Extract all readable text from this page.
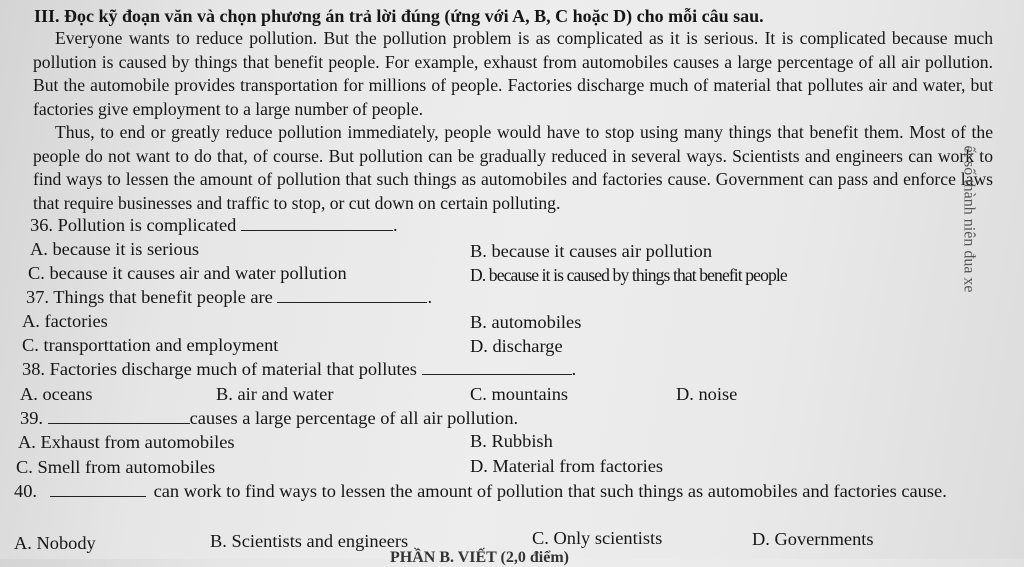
III. Đọc kỹ đoạn văn và chọn phương án trả lời đúng (ứng với A, B, C hoặc D) cho mỗi câu sau.

Everyone wants to reduce pollution. But the pollution problem is as complicated as it is serious. It is complicated because much pollution is caused by things that benefit people. For example, exhaust from automobiles causes a large percentage of all air pollution. But the automobile provides transportation for millions of people. Factories discharge much of material that pollutes air and water, but factories give employment to a large number of people.

Thus, to end or greatly reduce pollution immediately, people would have to stop using many things that benefit them. Most of the people do not want to do that, of course. But pollution can be gradually reduced in several ways. Scientists and engineers can work to find ways to lessen the amount of pollution that such things as automobiles and factories cause. Government can pass and enforce laws that require businesses and traffic to stop, or cut down on certain polluting.

36. Pollution is complicated	.
A. because it is serious	B. because it causes air pollution
C. because it causes air and water pollution	D. because it is caused by things that benefit people
37. Things that benefit people are	.
A. factories	B. automobiles
C. transporttation and employment	D. discharge
38. Factories discharge much of material that pollutes	.
A. oceans	B. air and water	C. mountains	D. noise
39.	causes a large percentage of all air pollution.
A. Exhaust from automobiles	B. Rubbish
C. Smell from automobiles	D. Material from factories
40.	can work to find ways to lessen the amount of pollution that such things as automobiles and factories cause.
A. Nobody	B. Scientists and engineers	C. Only scientists	D. Governments
ết số thành niên đua xe
PHẦN B. VIẾT (2,0 điểm)
